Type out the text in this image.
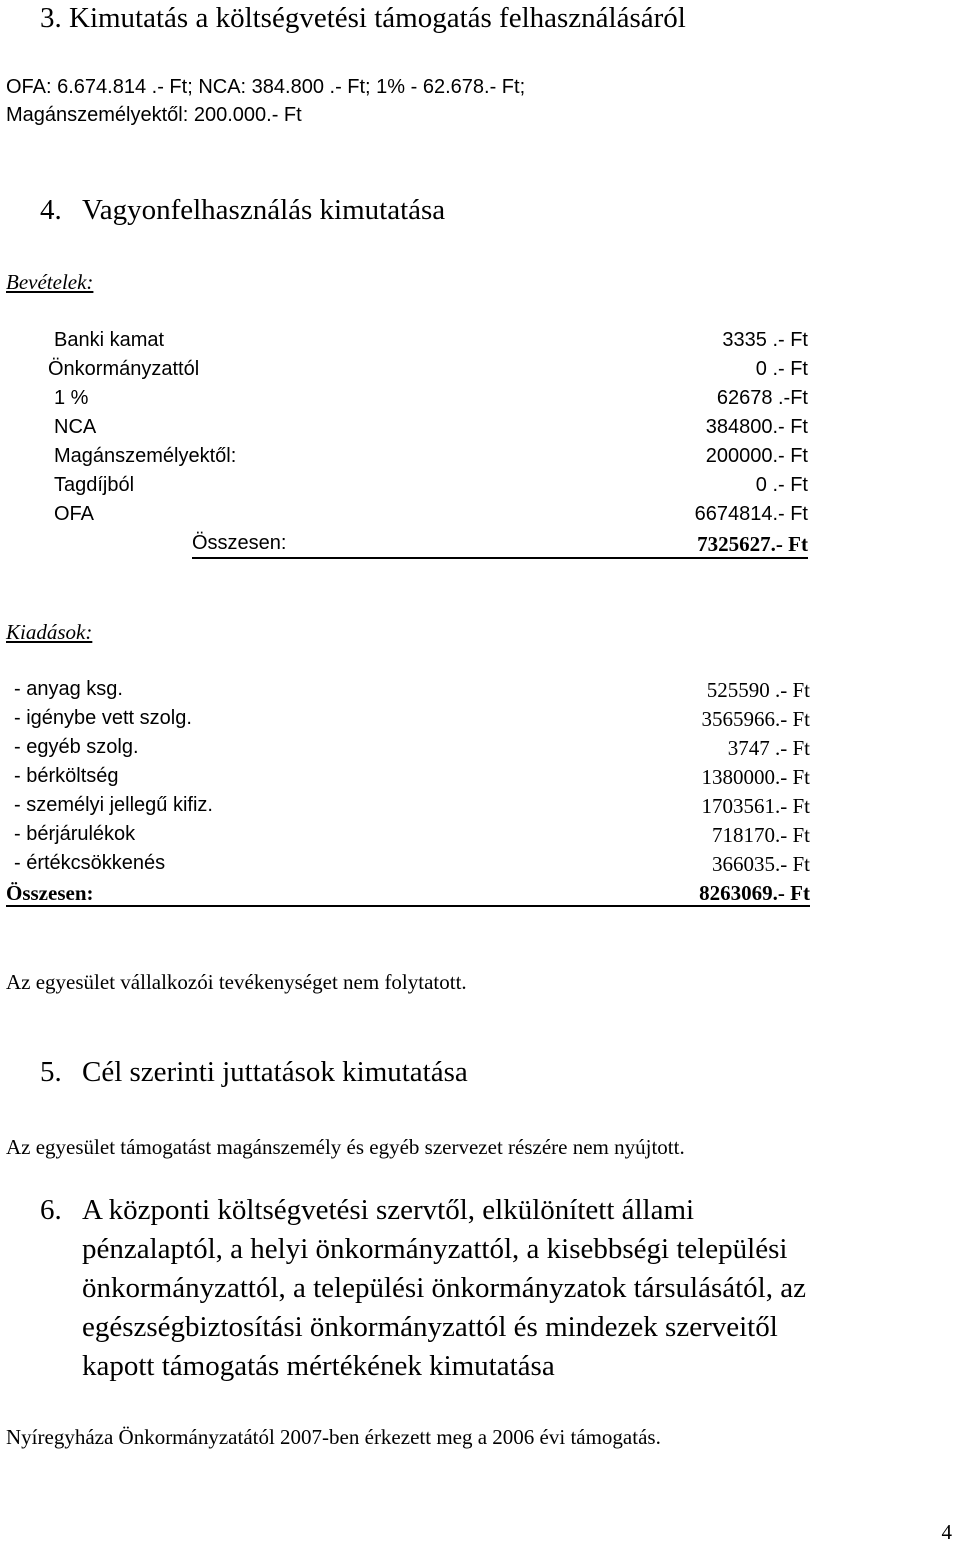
3. Kimutatás a költségvetési támogatás felhasználásáról
OFA: 6.674.814 .- Ft; NCA: 384.800 .- Ft; 1% - 62.678.- Ft;
Magánszemélyektől: 200.000.- Ft
4. Vagyonfelhasználás kimutatása
Bevételek:
Banki kamat
Önkormányzattól
1 %
NCA
Magánszemélyektől:
Tagdíjból
OFA
3335 .- Ft
0 .- Ft
62678 .-Ft
384800.- Ft
200000.- Ft
0 .- Ft
6674814.- Ft
Összesen:	7325627.- Ft
Kiadások:
- anyag ksg.
- igénybe vett szolg.
- egyéb szolg.
- bérköltség
- személyi jellegű kifiz.
- bérjárulékok
- értékcsökkenés
525590 .- Ft
3565966.- Ft
3747 .- Ft
1380000.- Ft
1703561.- Ft
718170.- Ft
366035.- Ft
Összesen:	8263069.- Ft
Az egyesület vállalkozói tevékenységet nem folytatott.
5. Cél szerinti juttatások kimutatása
Az egyesület támogatást magánszemély és egyéb szervezet részére nem nyújtott.
6. A központi költségvetési szervtől, elkülönített állami
pénzalaptól, a helyi önkormányzattól, a kisebbségi települési
önkormányzattól, a települési önkormányzatok társulásától, az
egészségbiztosítási önkormányzattól és mindezek szerveitől
kapott támogatás mértékének kimutatása
Nyíregyháza Önkormányzatától 2007-ben érkezett meg a 2006 évi támogatás.
4
